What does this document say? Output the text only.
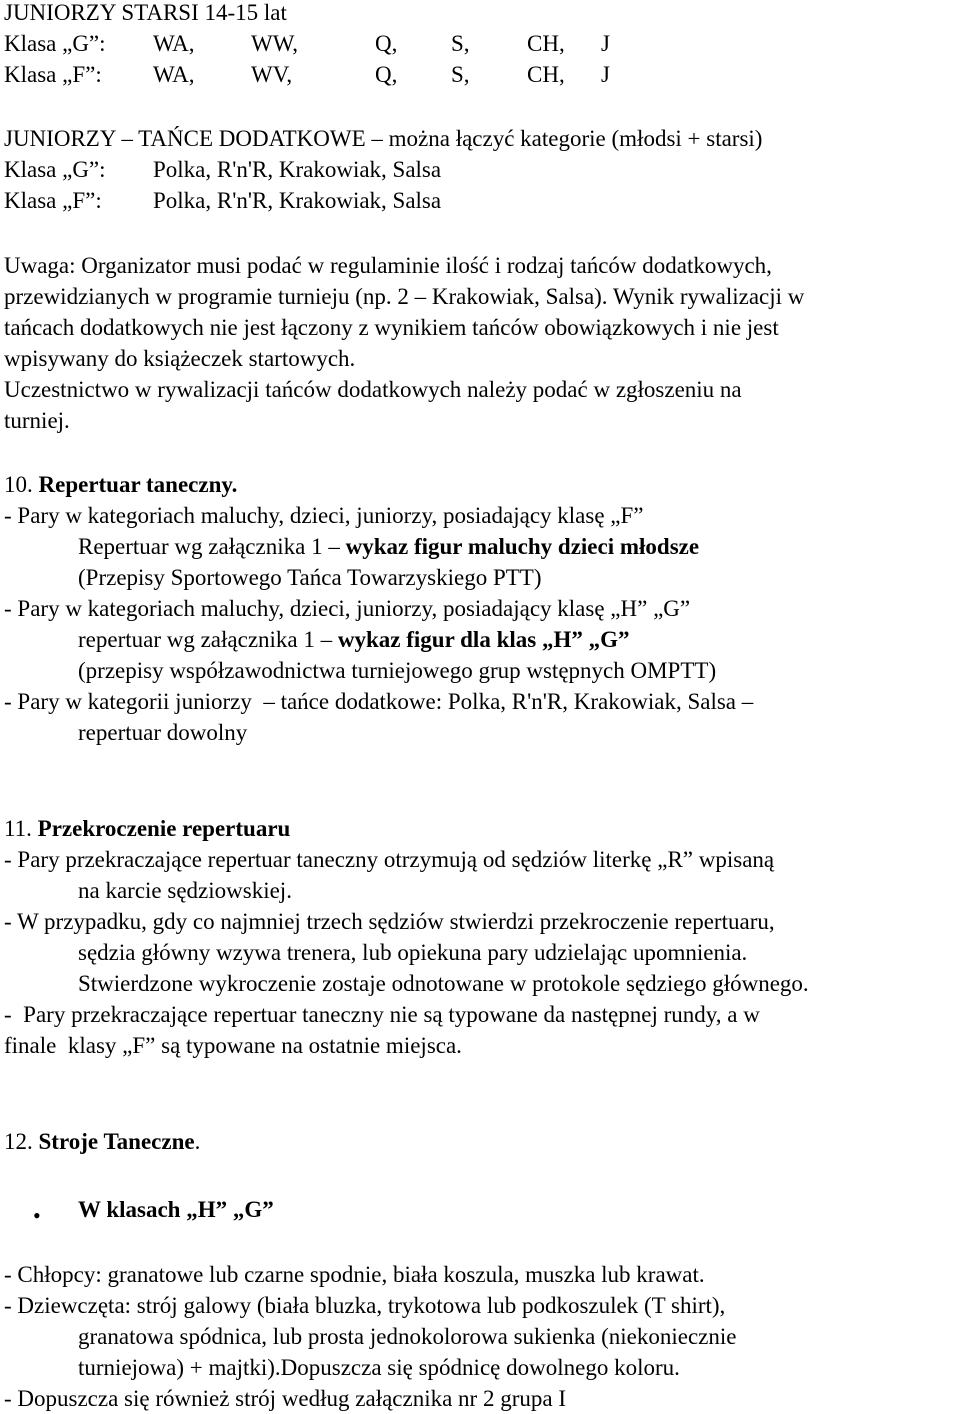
JUNIORZY STARSI 14-15 lat
Klasa „G”: WA, WW,	Q, S, CH, J
Klasa „F”: WA, WV,	Q, S, CH, J
JUNIORZY – TAŃCE DODATKOWE – można łączyć kategorie (młodsi + starsi)
Klasa „G”: Polka, R'n'R, Krakowiak, Salsa
Klasa „F”: Polka, R'n'R, Krakowiak, Salsa
Uwaga: Organizator musi podać w regulaminie ilość i rodzaj tańców dodatkowych,
przewidzianych w programie turnieju (np. 2 – Krakowiak, Salsa). Wynik rywalizacji w
tańcach dodatkowych nie jest łączony z wynikiem tańców obowiązkowych i nie jest
wpisywany do książeczek startowych.
Uczestnictwo w rywalizacji tańców dodatkowych należy podać w zgłoszeniu na
turniej.
10. Repertuar taneczny.
- Pary w kategoriach maluchy, dzieci, juniorzy, posiadający klasę „F”
Repertuar wg załącznika 1 – wykaz figur maluchy dzieci młodsze
(Przepisy Sportowego Tańca Towarzyskiego PTT)
- Pary w kategoriach maluchy, dzieci, juniorzy, posiadający klasę „H” „G”
repertuar wg załącznika 1 – wykaz figur dla klas „H” „G”
(przepisy współzawodnictwa turniejowego grup wstępnych OMPTT)
- Pary w kategorii juniorzy  – tańce dodatkowe: Polka, R'n'R, Krakowiak, Salsa –
repertuar dowolny
11. Przekroczenie repertuaru
- Pary przekraczające repertuar taneczny otrzymują od sędziów literkę „R” wpisaną
na karcie sędziowskiej.
- W przypadku, gdy co najmniej trzech sędziów stwierdzi przekroczenie repertuaru,
sędzia główny wzywa trenera, lub opiekuna pary udzielając upomnienia.
Stwierdzone wykroczenie zostaje odnotowane w protokole sędziego głównego.
-  Pary przekraczające repertuar taneczny nie są typowane da następnej rundy, a w
finale  klasy „F” są typowane na ostatnie miejsca.
12. Stroje Taneczne.
• W klasach „H” „G”
- Chłopcy: granatowe lub czarne spodnie, biała koszula, muszka lub krawat.
- Dziewczęta: strój galowy (biała bluzka, trykotowa lub podkoszulek (T shirt),
granatowa spódnica, lub prosta jednokolorowa sukienka (niekoniecznie
turniejowa) + majtki).Dopuszcza się spódnicę dowolnego koloru.
- Dopuszcza się również strój według załącznika nr 2 grupa I
